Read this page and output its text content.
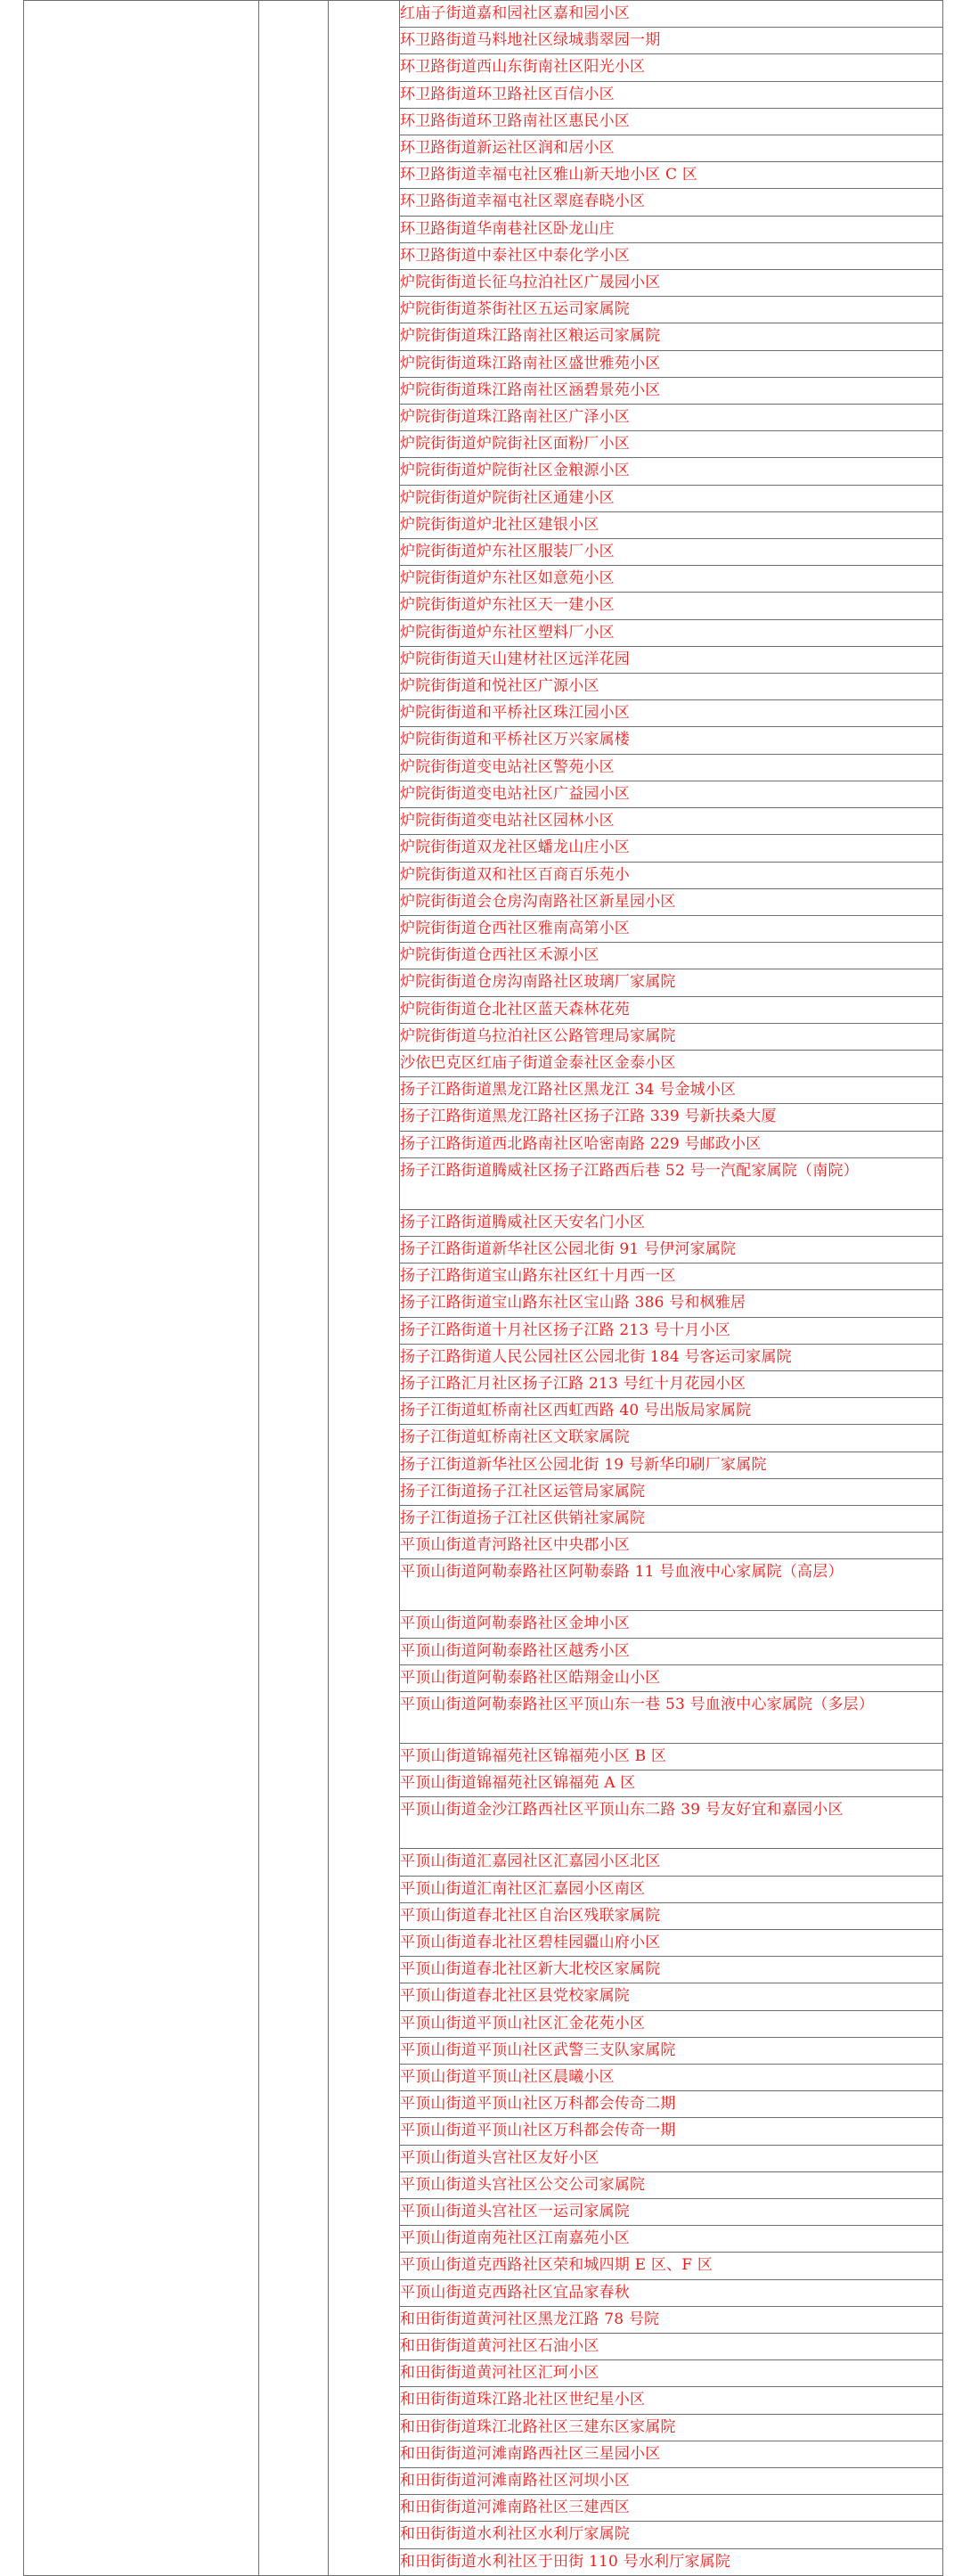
			红庙子街道嘉和园社区嘉和园小区
环卫路街道马料地社区绿城翡翠园一期
环卫路街道西山东街南社区阳光小区
环卫路街道环卫路社区百信小区
环卫路街道环卫路南社区惠民小区
环卫路街道新运社区润和居小区
环卫路街道幸福屯社区雅山新天地小区 C 区
环卫路街道幸福屯社区翠庭春晓小区
环卫路街道华南巷社区卧龙山庄
环卫路街道中泰社区中泰化学小区
炉院街街道长征乌拉泊社区广晟园小区
炉院街街道茶街社区五运司家属院
炉院街街道珠江路南社区粮运司家属院
炉院街街道珠江路南社区盛世雅苑小区
炉院街街道珠江路南社区涵碧景苑小区
炉院街街道珠江路南社区广泽小区
炉院街街道炉院街社区面粉厂小区
炉院街街道炉院街社区金粮源小区
炉院街街道炉院街社区通建小区
炉院街街道炉北社区建银小区
炉院街街道炉东社区服装厂小区
炉院街街道炉东社区如意苑小区
炉院街街道炉东社区天一建小区
炉院街街道炉东社区塑料厂小区
炉院街街道天山建材社区远洋花园
炉院街街道和悦社区广源小区
炉院街街道和平桥社区珠江园小区
炉院街街道和平桥社区万兴家属楼
炉院街街道变电站社区警苑小区
炉院街街道变电站社区广益园小区
炉院街街道变电站社区园林小区
炉院街街道双龙社区蟠龙山庄小区
炉院街街道双和社区百商百乐苑小
炉院街街道会仓房沟南路社区新星园小区
炉院街街道仓西社区雅南高第小区
炉院街街道仓西社区禾源小区
炉院街街道仓房沟南路社区玻璃厂家属院
炉院街街道仓北社区蓝天森林花苑
炉院街街道乌拉泊社区公路管理局家属院
沙依巴克区红庙子街道金泰社区金泰小区
扬子江路街道黑龙江路社区黑龙江 34 号金城小区
扬子江路街道黑龙江路社区扬子江路 339 号新扶桑大厦
扬子江路街道西北路南社区哈密南路 229 号邮政小区
扬子江路街道腾威社区扬子江路西后巷 52 号一汽配家属院（南院）
扬子江路街道腾威社区天安名门小区
扬子江路街道新华社区公园北街 91 号伊河家属院
扬子江路街道宝山路东社区红十月西一区
扬子江路街道宝山路东社区宝山路 386 号和枫雅居
扬子江路街道十月社区扬子江路 213 号十月小区
扬子江路街道人民公园社区公园北街 184 号客运司家属院
扬子江路汇月社区扬子江路 213 号红十月花园小区
扬子江街道虹桥南社区西虹西路 40 号出版局家属院
扬子江街道虹桥南社区文联家属院
扬子江街道新华社区公园北街 19 号新华印刷厂家属院
扬子江街道扬子江社区运管局家属院
扬子江街道扬子江社区供销社家属院
平顶山街道青河路社区中央郡小区
平顶山街道阿勒泰路社区阿勒泰路 11 号血液中心家属院（高层）
平顶山街道阿勒泰路社区金坤小区
平顶山街道阿勒泰路社区越秀小区
平顶山街道阿勒泰路社区皓翔金山小区
平顶山街道阿勒泰路社区平顶山东一巷 53 号血液中心家属院（多层）
平顶山街道锦福苑社区锦福苑小区 B 区
平顶山街道锦福苑社区锦福苑 A 区
平顶山街道金沙江路西社区平顶山东二路 39 号友好宜和嘉园小区
平顶山街道汇嘉园社区汇嘉园小区北区
平顶山街道汇南社区汇嘉园小区南区
平顶山街道春北社区自治区残联家属院
平顶山街道春北社区碧桂园疆山府小区
平顶山街道春北社区新大北校区家属院
平顶山街道春北社区县党校家属院
平顶山街道平顶山社区汇金花苑小区
平顶山街道平顶山社区武警三支队家属院
平顶山街道平顶山社区晨曦小区
平顶山街道平顶山社区万科都会传奇二期
平顶山街道平顶山社区万科都会传奇一期
平顶山街道头宫社区友好小区
平顶山街道头宫社区公交公司家属院
平顶山街道头宫社区一运司家属院
平顶山街道南苑社区江南嘉苑小区
平顶山街道克西路社区荣和城四期 E 区、F 区
平顶山街道克西路社区宜品家春秋
和田街街道黄河社区黑龙江路 78 号院
和田街街道黄河社区石油小区
和田街街道黄河社区汇珂小区
和田街街道珠江路北社区世纪星小区
和田街街道珠江北路社区三建东区家属院
和田街街道河滩南路西社区三星园小区
和田街街道河滩南路社区河坝小区
和田街街道河滩南路社区三建西区
和田街街道水利社区水利厅家属院
和田街街道水利社区于田街 110 号水利厅家属院
